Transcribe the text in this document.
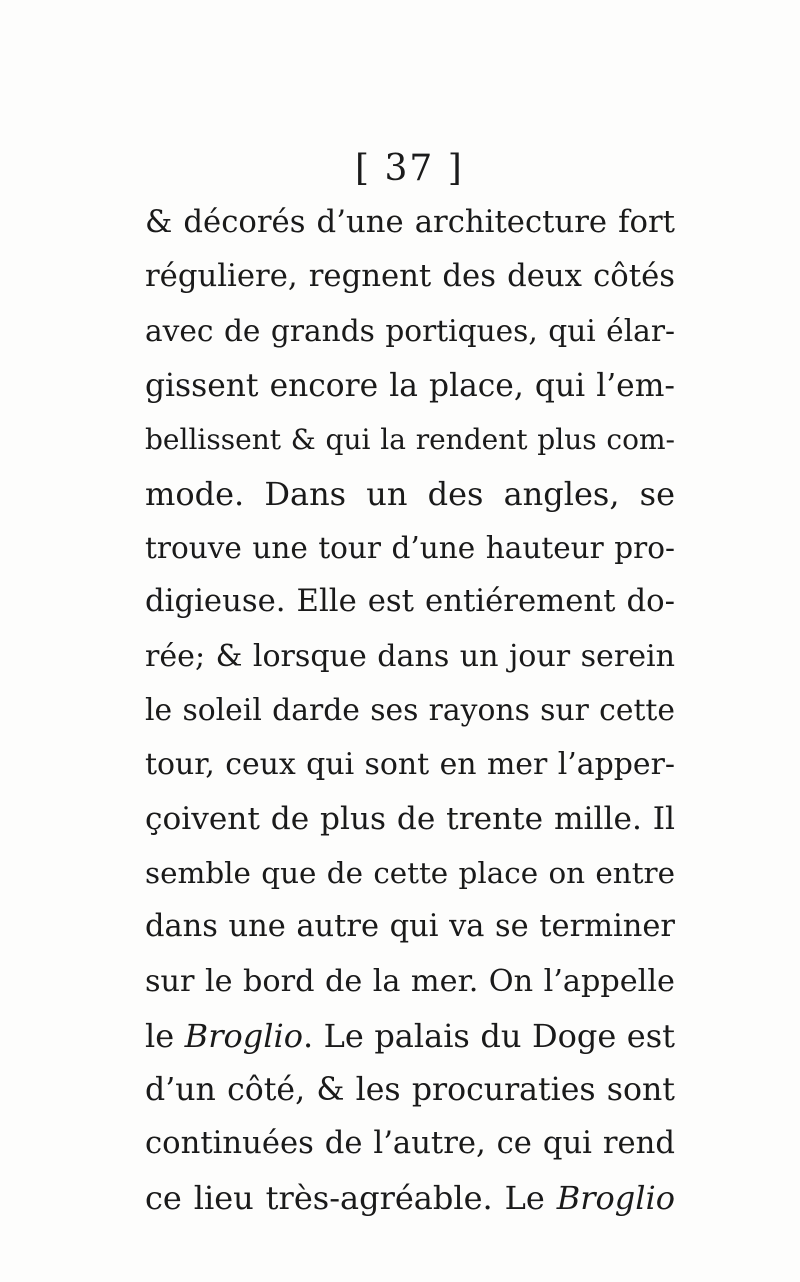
[ 37 ]
& décorés d’une architecture fort
réguliere, regnent des deux côtés
avec de grands portiques, qui élar-
gissent encore la place, qui l’em-
bellissent & qui la rendent plus com-
mode. Dans un des angles, se
trouve une tour d’une hauteur pro-
digieuse. Elle est entiérement do-
rée; & lorsque dans un jour serein
le soleil darde ses rayons sur cette
tour, ceux qui sont en mer l’apper-
çoivent de plus de trente mille. Il
semble que de cette place on entre
dans une autre qui va se terminer
sur le bord de la mer. On l’appelle
le Broglio. Le palais du Doge est
d’un côté, & les procuraties sont
continuées de l’autre, ce qui rend
ce lieu très-agréable. Le Broglio
